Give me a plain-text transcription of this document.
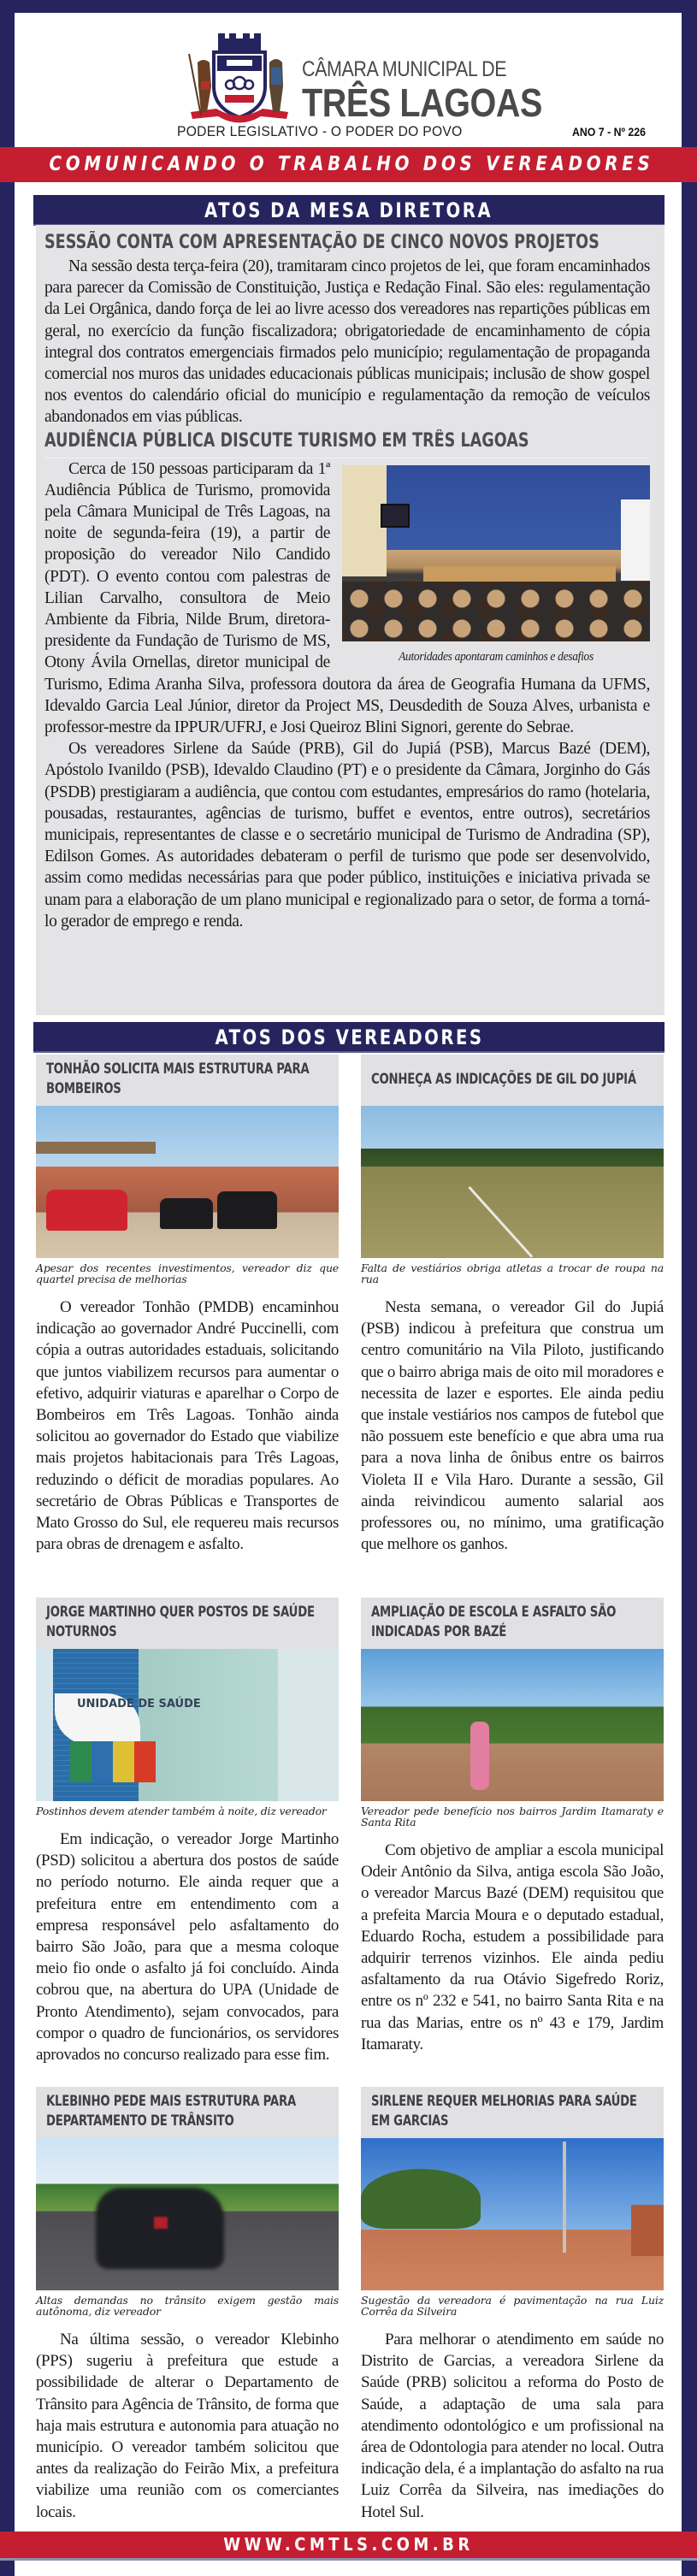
CÂMARA MUNICIPAL DE
TRÊS LAGOAS
PODER LEGISLATIVO - O PODER DO POVO	ANO 7 - Nº 226
COMUNICANDO O TRABALHO DOS VEREADORES
ATOS DA MESA DIRETORA
SESSÃO CONTA COM APRESENTAÇÃO DE CINCO NOVOS PROJETOS

Na sessão desta terça-feira (20), tramitaram cinco projetos de lei, que foram encaminhados para parecer da Comissão de Constituição, Justiça e Redação Final. São eles: regulamentação da Lei Orgânica, dando força de lei ao livre acesso dos vereadores nas repartições públicas em geral, no exercício da função fiscalizadora; obrigatoriedade de encaminhamento de cópia integral dos contratos emergenciais firmados pelo município; regulamentação de propaganda comercial nos muros das unidades educacionais públicas municipais; inclusão de show gospel nos eventos do calendário oficial do município e regulamentação da remoção de veículos abandonados em vias públicas.

AUDIÊNCIA PÚBLICA DISCUTE TURISMO EM TRÊS LAGOAS
Autoridades apontaram caminhos e desafios

Cerca de 150 pessoas participaram da 1ª Audiência Pública de Turismo, promovida pela Câmara Municipal de Três Lagoas, na noite de segunda-feira (19), a partir de proposição do vereador Nilo Candido (PDT). O evento contou com palestras de Lilian Carvalho, consultora de Meio Ambiente da Fibria, Nilde Brum, diretora-presidente da Fundação de Turismo de MS, Otony Ávila Ornellas, diretor municipal de Turismo, Edima Aranha Silva, professora doutora da área de Geografia Humana da UFMS, Idevaldo Garcia Leal Júnior, diretor da Project MS, Deusdedith de Souza Alves, urbanista e professor-mestre da IPPUR/UFRJ, e Josi Queiroz Blini Signori, gerente do Sebrae.

Os vereadores Sirlene da Saúde (PRB), Gil do Jupiá (PSB), Marcus Bazé (DEM), Apóstolo Ivanildo (PSB), Idevaldo Claudino (PT) e o presidente da Câmara, Jorginho do Gás (PSDB) prestigiaram a audiência, que contou com estudantes, empresários do ramo (hotelaria, pousadas, restaurantes, agências de turismo, buffet e eventos, entre outros), secretários municipais, representantes de classe e o secretário municipal de Turismo de Andradina (SP), Edilson Gomes. As autoridades debateram o perfil de turismo que pode ser desenvolvido, assim como medidas necessárias para que poder público, instituições e iniciativa privada se unam para a elaboração de um plano municipal e regionalizado para o setor, de forma a torná-lo gerador de emprego e renda.

ATOS DOS VEREADORES
TONHÃO SOLICITA MAIS ESTRUTURA PARA BOMBEIROS
Apesar dos recentes investimentos, vereador diz que quartel precisa de melhorias

O vereador Tonhão (PMDB) encaminhou indicação ao governador André Puccinelli, com cópia a outras autoridades estaduais, solicitando que juntos viabilizem recursos para aumentar o efetivo, adquirir viaturas e aparelhar o Corpo de Bombeiros em Três Lagoas. Tonhão ainda solicitou ao governador do Estado que viabilize mais projetos habitacionais para Três Lagoas, reduzindo o déficit de moradias populares. Ao secretário de Obras Públicas e Transportes de Mato Grosso do Sul, ele requereu mais recursos para obras de drenagem e asfalto.

CONHEÇA AS INDICAÇÕES DE GIL DO JUPIÁ
Falta de vestiários obriga atletas a trocar de roupa na rua

Nesta semana, o vereador Gil do Jupiá (PSB) indicou à prefeitura que construa um centro comunitário na Vila Piloto, justificando que o bairro abriga mais de oito mil moradores e necessita de lazer e esportes. Ele ainda pediu que instale vestiários nos campos de futebol que não possuem este benefício e que abra uma rua para a nova linha de ônibus entre os bairros Violeta II e Vila Haro. Durante a sessão, Gil ainda reivindicou aumento salarial aos professores ou, no mínimo, uma gratificação que melhore os ganhos.

JORGE MARTINHO QUER POSTOS DE SAÚDE NOTURNOS
UNIDADE DE SAÚDE
Postinhos devem atender também à noite, diz vereador

Em indicação, o vereador Jorge Martinho (PSD) solicitou a abertura dos postos de saúde no período noturno. Ele ainda requer que a prefeitura entre em entendimento com a empresa responsável pelo asfaltamento do bairro São João, para que a mesma coloque meio fio onde o asfalto já foi concluído. Ainda cobrou que, na abertura do UPA (Unidade de Pronto Atendimento), sejam convocados, para compor o quadro de funcionários, os servidores aprovados no concurso realizado para esse fim.

AMPLIAÇÃO DE ESCOLA E ASFALTO SÃO INDICADAS POR BAZÉ
Vereador pede benefício nos bairros Jardim Itamaraty e Santa Rita

Com objetivo de ampliar a escola municipal Odeir Antônio da Silva, antiga escola São João, o vereador Marcus Bazé (DEM) requisitou que a prefeita Marcia Moura e o deputado estadual, Eduardo Rocha, estudem a possibilidade para adquirir terrenos vizinhos. Ele ainda pediu asfaltamento da rua Otávio Sigefredo Roriz, entre os nº 232 e 541, no bairro Santa Rita e na rua das Marias, entre os nº 43 e 179, Jardim Itamaraty.

KLEBINHO PEDE MAIS ESTRUTURA PARA DEPARTAMENTO DE TRÂNSITO
Altas demandas no trânsito exigem gestão mais autônoma, diz vereador

Na última sessão, o vereador Klebinho (PPS) sugeriu à prefeitura que estude a possibilidade de alterar o Departamento de Trânsito para Agência de Trânsito, de forma que haja mais estrutura e autonomia para atuação no município. O vereador também solicitou que antes da realização do Feirão Mix, a prefeitura viabilize uma reunião com os comerciantes locais.

SIRLENE REQUER MELHORIAS PARA SAÚDE EM GARCIAS
Sugestão da vereadora é pavimentação na rua Luiz Corrêa da Silveira

Para melhorar o atendimento em saúde no Distrito de Garcias, a vereadora Sirlene da Saúde (PRB) solicitou a reforma do Posto de Saúde, a adaptação de uma sala para atendimento odontológico e um profissional na área de Odontologia para atender no local. Outra indicação dela, é a implantação do asfalto na rua Luiz Corrêa da Silveira, nas imediações do Hotel Sul.

WWW.CMTLS.COM.BR
